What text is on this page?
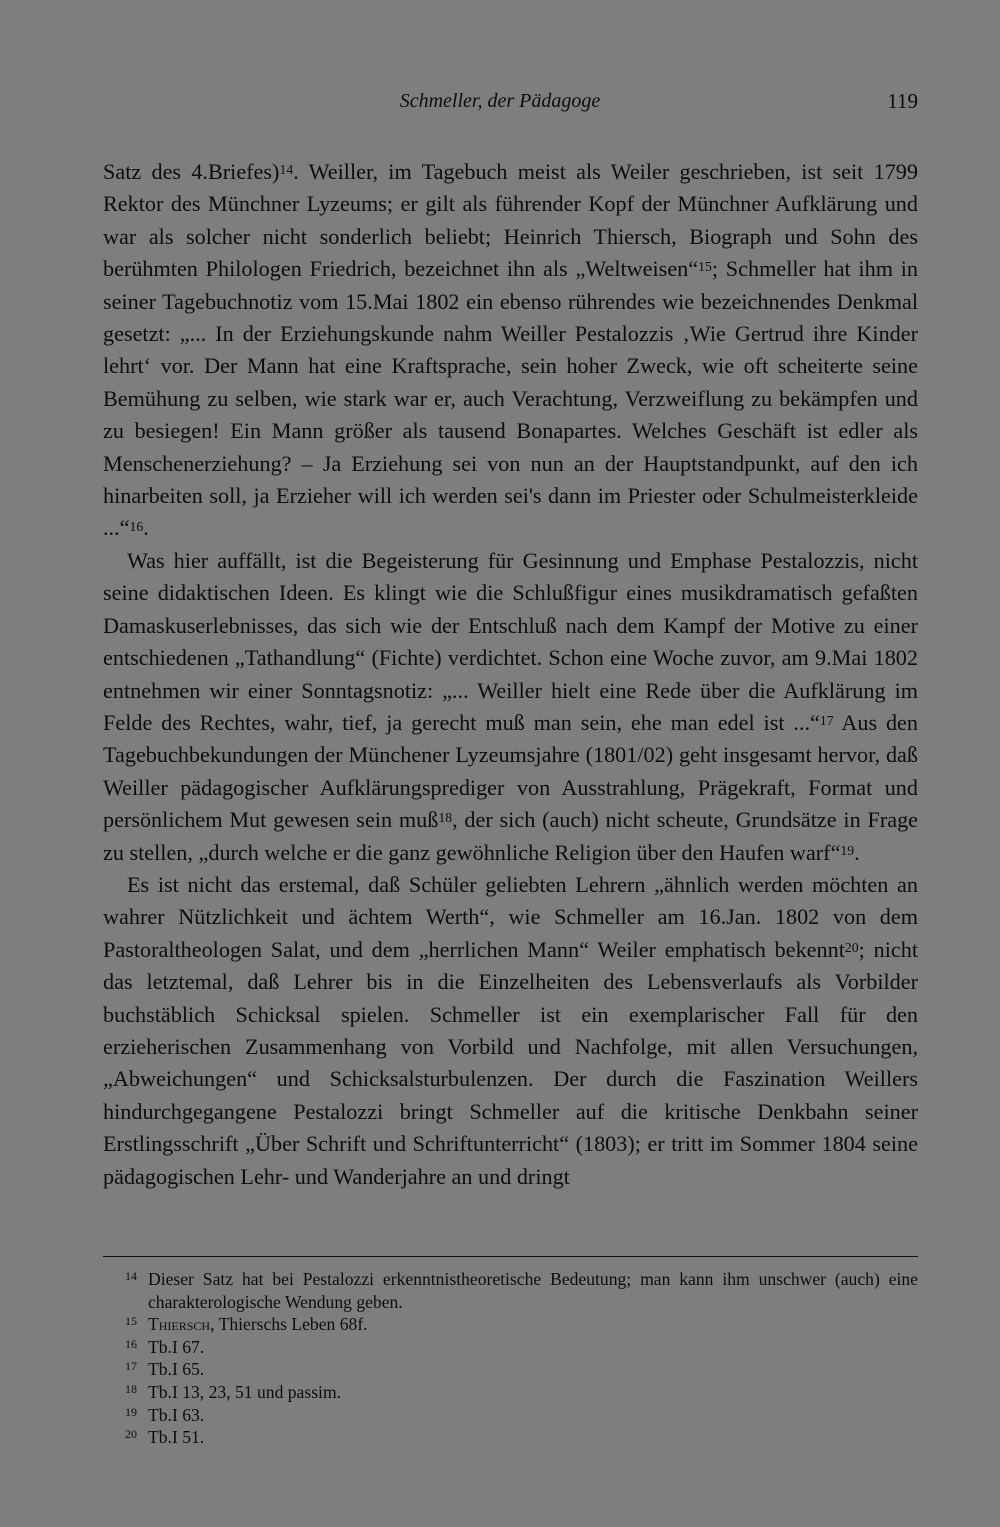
Schmeller, der Pädagoge	119

Satz des 4.Briefes)$^{14}$. Weiller, im Tagebuch meist als Weiler geschrieben, ist seit 1799 Rektor des Münchner Lyzeums; er gilt als führender Kopf der Münchner Aufklärung und war als solcher nicht sonderlich beliebt; Heinrich Thiersch, Biograph und Sohn des berühmten Philologen Friedrich, bezeichnet ihn als „Weltweisen“$^{15}$; Schmeller hat ihm in seiner Tagebuchnotiz vom 15.Mai 1802 ein ebenso rührendes wie bezeichnendes Denkmal gesetzt: „... In der Erziehungskunde nahm Weiller Pestalozzis ‚Wie Gertrud ihre Kinder lehrt‘ vor. Der Mann hat eine Kraftsprache, sein hoher Zweck, wie oft scheiterte seine Bemühung zu selben, wie stark war er, auch Verachtung, Verzweiflung zu bekämpfen und zu besiegen! Ein Mann größer als tausend Bonapartes. Welches Geschäft ist edler als Menschenerziehung? – Ja Erziehung sei von nun an der Hauptstandpunkt, auf den ich hinarbeiten soll, ja Erzieher will ich werden sei's dann im Priester oder Schulmeisterkleide ...“$^{16}$.

Was hier auffällt, ist die Begeisterung für Gesinnung und Emphase Pestalozzis, nicht seine didaktischen Ideen. Es klingt wie die Schlußfigur eines musikdramatisch gefaßten Damaskuserlebnisses, das sich wie der Entschluß nach dem Kampf der Motive zu einer entschiedenen „Tathandlung“ (Fichte) verdichtet. Schon eine Woche zuvor, am 9.Mai 1802 entnehmen wir einer Sonntagsnotiz: „... Weiller hielt eine Rede über die Aufklärung im Felde des Rechtes, wahr, tief, ja gerecht muß man sein, ehe man edel ist ...“$^{17}$ Aus den Tagebuchbekundungen der Münchener Lyzeumsjahre (1801/02) geht insgesamt hervor, daß Weiller pädagogischer Aufklärungsprediger von Ausstrahlung, Prägekraft, Format und persönlichem Mut gewesen sein muß$^{18}$, der sich (auch) nicht scheute, Grundsätze in Frage zu stellen, „durch welche er die ganz gewöhnliche Religion über den Haufen warf“$^{19}$.

Es ist nicht das erstemal, daß Schüler geliebten Lehrern „ähnlich werden möchten an wahrer Nützlichkeit und ächtem Werth“, wie Schmeller am 16.Jan. 1802 von dem Pastoraltheologen Salat, und dem „herrlichen Mann“ Weiler emphatisch bekennt$^{20}$; nicht das letztemal, daß Lehrer bis in die Einzelheiten des Lebensverlaufs als Vorbilder buchstäblich Schicksal spielen. Schmeller ist ein exemplarischer Fall für den erzieherischen Zusammenhang von Vorbild und Nachfolge, mit allen Versuchungen, „Abweichungen“ und Schicksalsturbulenzen. Der durch die Faszination Weillers hindurchgegangene Pestalozzi bringt Schmeller auf die kritische Denkbahn seiner Erstlingsschrift „Über Schrift und Schriftunterricht“ (1803); er tritt im Sommer 1804 seine pädagogischen Lehr- und Wanderjahre an und dringt

14 Dieser Satz hat bei Pestalozzi erkenntnistheoretische Bedeutung; man kann ihm unschwer (auch) eine charakterologische Wendung geben.
15 Thiersch, Thierschs Leben 68f.
16 Tb.I 67.
17 Tb.I 65.
18 Tb.I 13, 23, 51 und passim.
19 Tb.I 63.
20 Tb.I 51.
